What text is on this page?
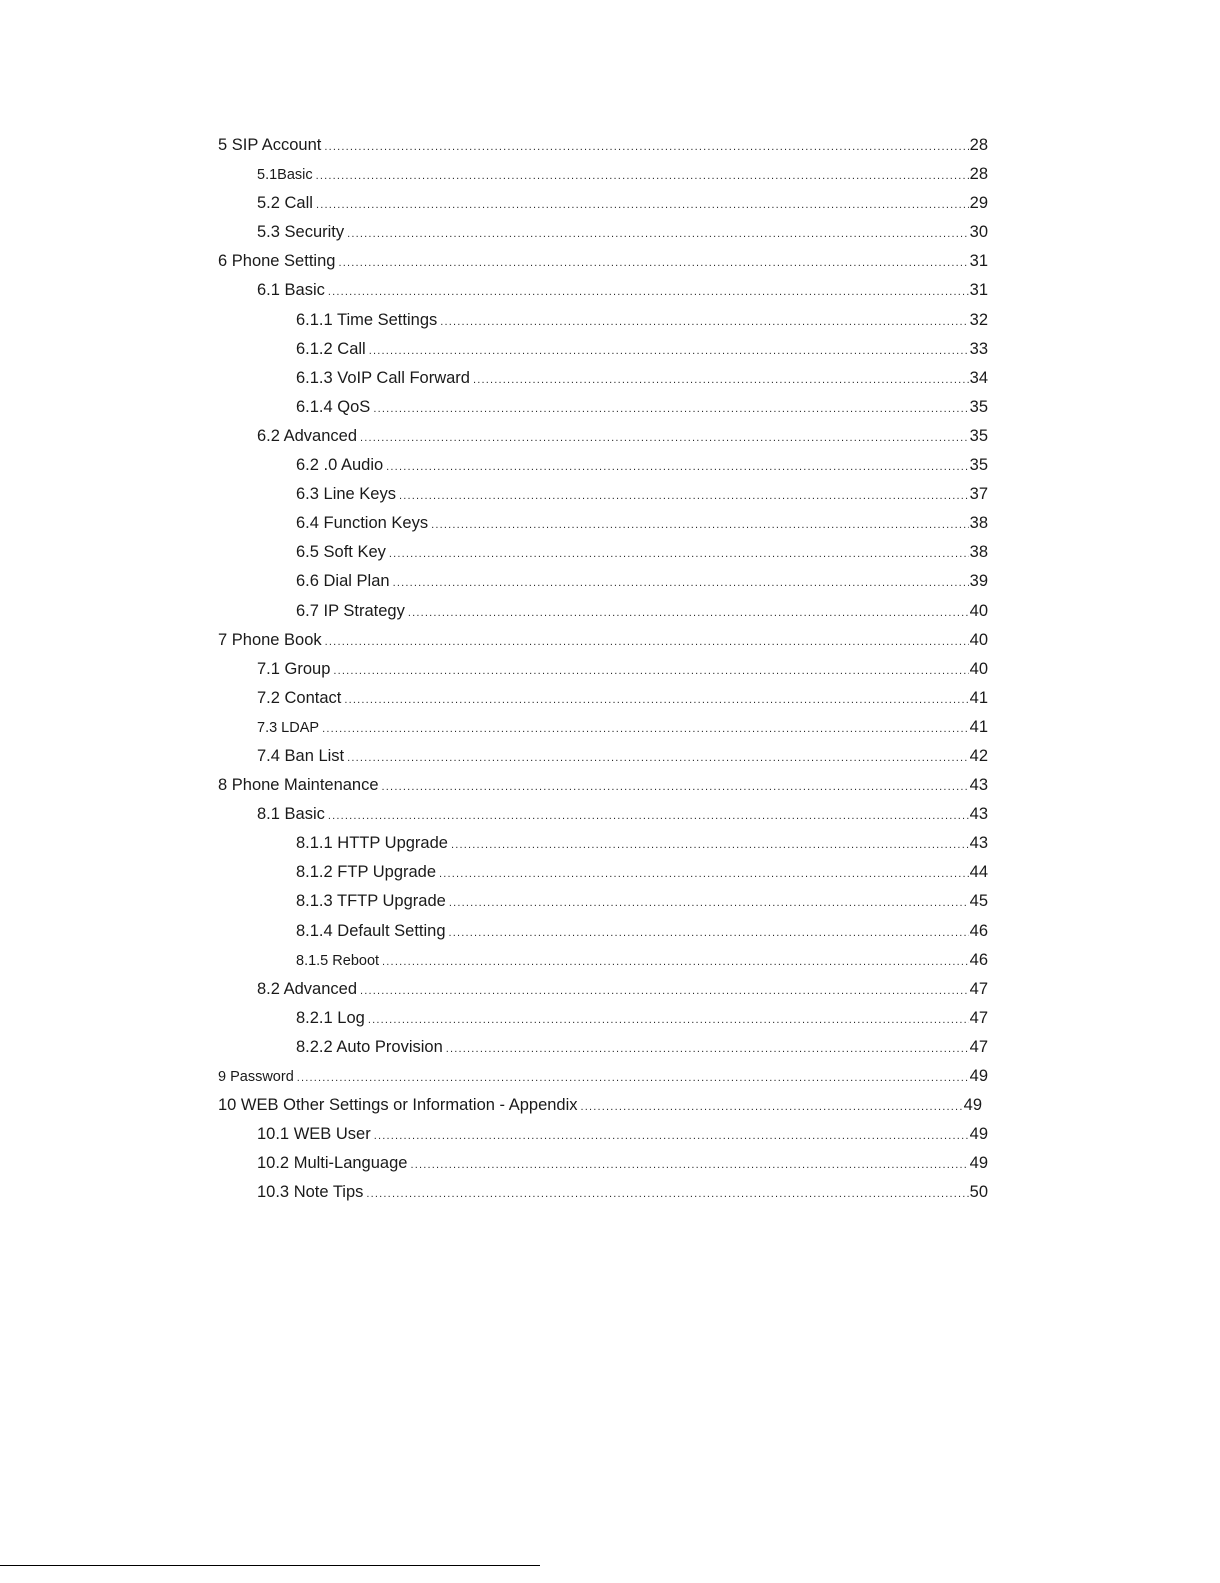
5 SIP Account .....	28
5.1Basic .....	28
5.2 Call .....	29
5.3 Security .....	30
6 Phone Setting .....	31
6.1 Basic .....	31
6.1.1 Time Settings .....	32
6.1.2 Call .....	33
6.1.3 VoIP Call Forward .....	34
6.1.4 QoS .....	35
6.2 Advanced .....	35
6.2 .0 Audio .....	35
6.3 Line Keys .....	37
6.4 Function Keys .....	38
6.5 Soft Key .....	38
6.6 Dial Plan .....	39
6.7 IP Strategy .....	40
7 Phone Book .....	40
7.1 Group .....	40
7.2 Contact .....	41
7.3 LDAP .....	41
7.4 Ban List .....	42
8 Phone Maintenance .....	43
8.1 Basic .....	43
8.1.1 HTTP Upgrade .....	43
8.1.2 FTP Upgrade .....	44
8.1.3 TFTP Upgrade .....	45
8.1.4 Default Setting .....	46
8.1.5 Reboot .....	46
8.2 Advanced .....	47
8.2.1 Log .....	47
8.2.2 Auto Provision .....	47
9 Password .....	49
10 WEB Other Settings or Information - Appendix .....	49
10.1 WEB User .....	49
10.2 Multi-Language .....	49
10.3 Note Tips .....	50
